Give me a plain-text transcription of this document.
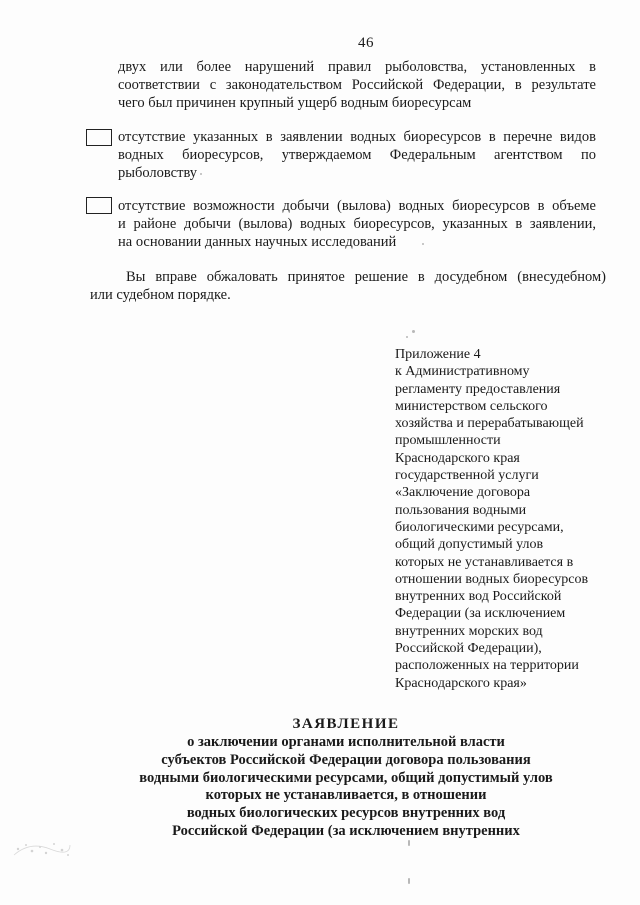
46
двух или более нарушений правил рыболовства, установленных в
соответствии с законодательством Российской Федерации, в результате
чего был причинен крупный ущерб водным биоресурсам
отсутствие указанных в заявлении водных биоресурсов в перечне видов
водных биоресурсов, утверждаемом Федеральным агентством по
рыболовству
отсутствие возможности добычи (вылова) водных биоресурсов в объеме
и районе добычи (вылова) водных биоресурсов, указанных в заявлении,
на основании данных научных исследований
Вы вправе обжаловать принятое решение в досудебном (внесудебном)
или судебном порядке.
Приложение 4
к Административному
регламенту предоставления
министерством сельского
хозяйства и перерабатывающей
промышленности
Краснодарского края
государственной услуги
«Заключение договора
пользования водными
биологическими ресурсами,
общий допустимый улов
которых не устанавливается в
отношении водных биоресурсов
внутренних вод Российской
Федерации (за исключением
внутренних морских вод
Российской Федерации),
расположенных на территории
Краснодарского края»
ЗАЯВЛЕНИЕ
о заключении органами исполнительной власти
субъектов Российской Федерации договора пользования
водными биологическими ресурсами, общий допустимый улов
которых не устанавливается, в отношении
водных биологических ресурсов внутренних вод
Российской Федерации (за исключением внутренних
